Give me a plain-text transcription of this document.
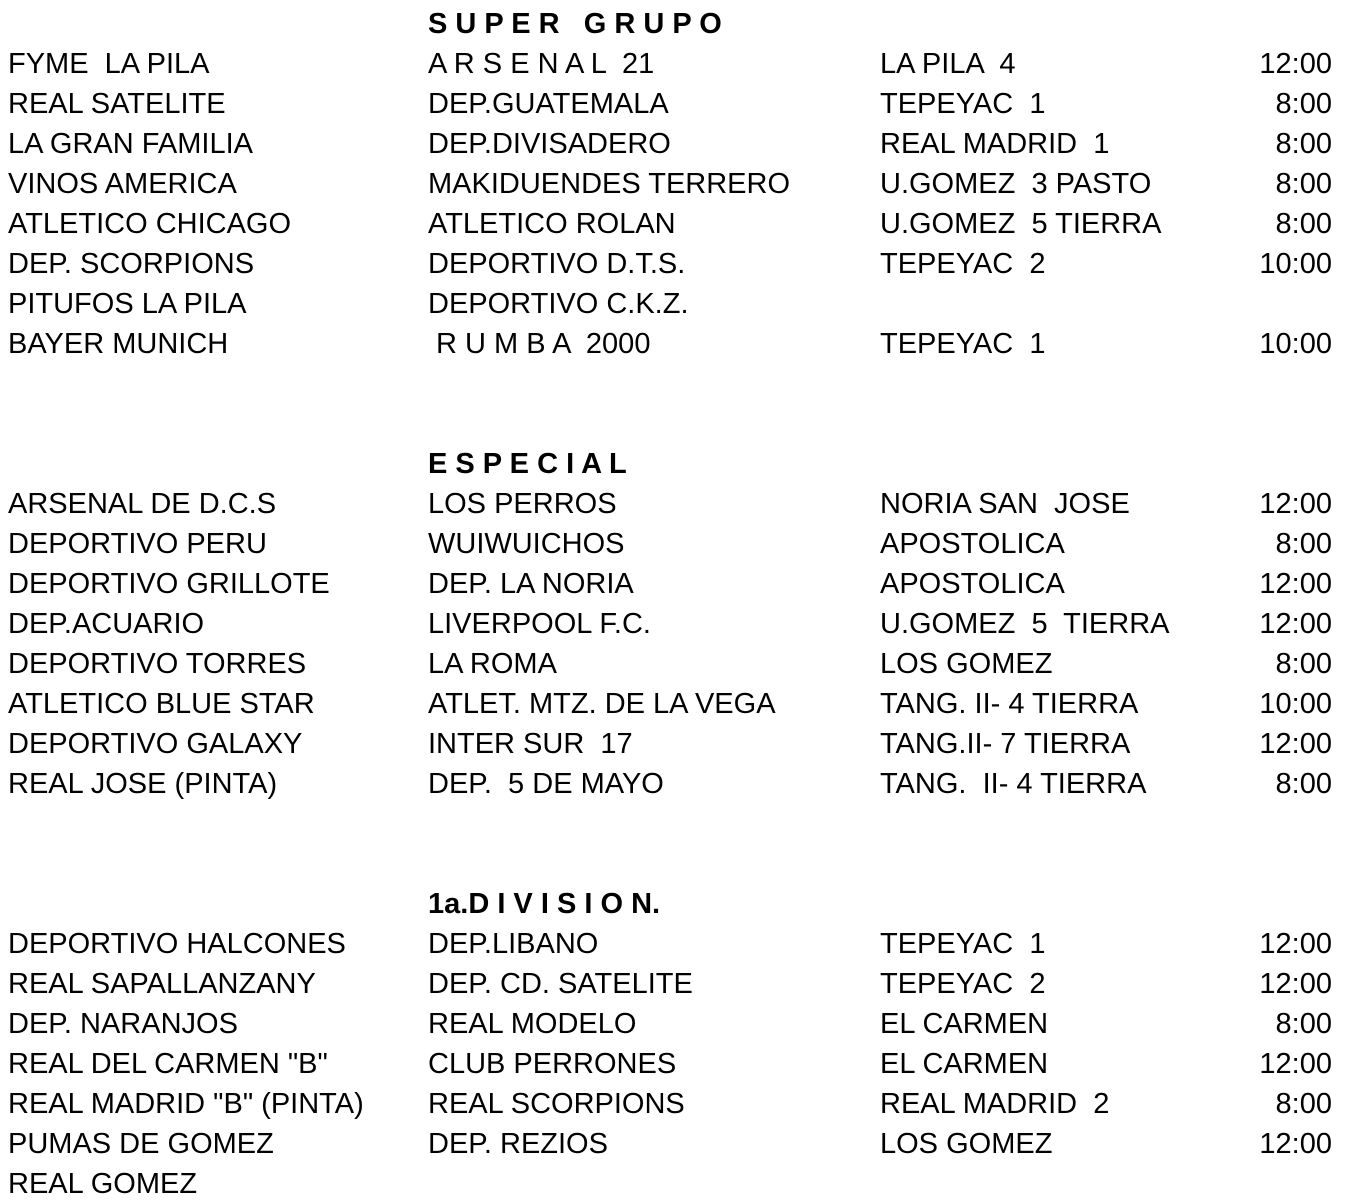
S U P E R   G R U P O
FYME  LA PILA	A R S E N A L  21	LA PILA  4	12:00
REAL SATELITE	DEP.GUATEMALA	TEPEYAC  1	8:00
LA GRAN FAMILIA	DEP.DIVISADERO	REAL MADRID  1	8:00
VINOS AMERICA	MAKIDUENDES TERRERO	U.GOMEZ  3 PASTO	8:00
ATLETICO CHICAGO	ATLETICO ROLAN	U.GOMEZ  5 TIERRA	8:00
DEP. SCORPIONS	DEPORTIVO D.T.S.	TEPEYAC  2	10:00
PITUFOS LA PILA	DEPORTIVO C.K.Z.
BAYER MUNICH	R U M B A  2000	TEPEYAC  1	10:00
E S P E C I A L
ARSENAL DE D.C.S	LOS PERROS	NORIA SAN  JOSE	12:00
DEPORTIVO PERU	WUIWUICHOS	APOSTOLICA	8:00
DEPORTIVO GRILLOTE	DEP. LA NORIA	APOSTOLICA	12:00
DEP.ACUARIO	LIVERPOOL F.C.	U.GOMEZ  5  TIERRA	12:00
DEPORTIVO TORRES	LA ROMA	LOS GOMEZ	8:00
ATLETICO BLUE STAR	ATLET. MTZ. DE LA VEGA	TANG. II- 4 TIERRA	10:00
DEPORTIVO GALAXY	INTER SUR  17	TANG.II- 7 TIERRA	12:00
REAL JOSE (PINTA)	DEP.  5 DE MAYO	TANG.  II- 4 TIERRA	8:00
1a.D I V I S I O N.
DEPORTIVO HALCONES	DEP.LIBANO	TEPEYAC  1	12:00
REAL SAPALLANZANY	DEP. CD. SATELITE	TEPEYAC  2	12:00
DEP. NARANJOS	REAL MODELO	EL CARMEN	8:00
REAL DEL CARMEN "B"	CLUB PERRONES	EL CARMEN	12:00
REAL MADRID "B" (PINTA)	REAL SCORPIONS	REAL MADRID  2	8:00
PUMAS DE GOMEZ	DEP. REZIOS	LOS GOMEZ	12:00
REAL GOMEZ
